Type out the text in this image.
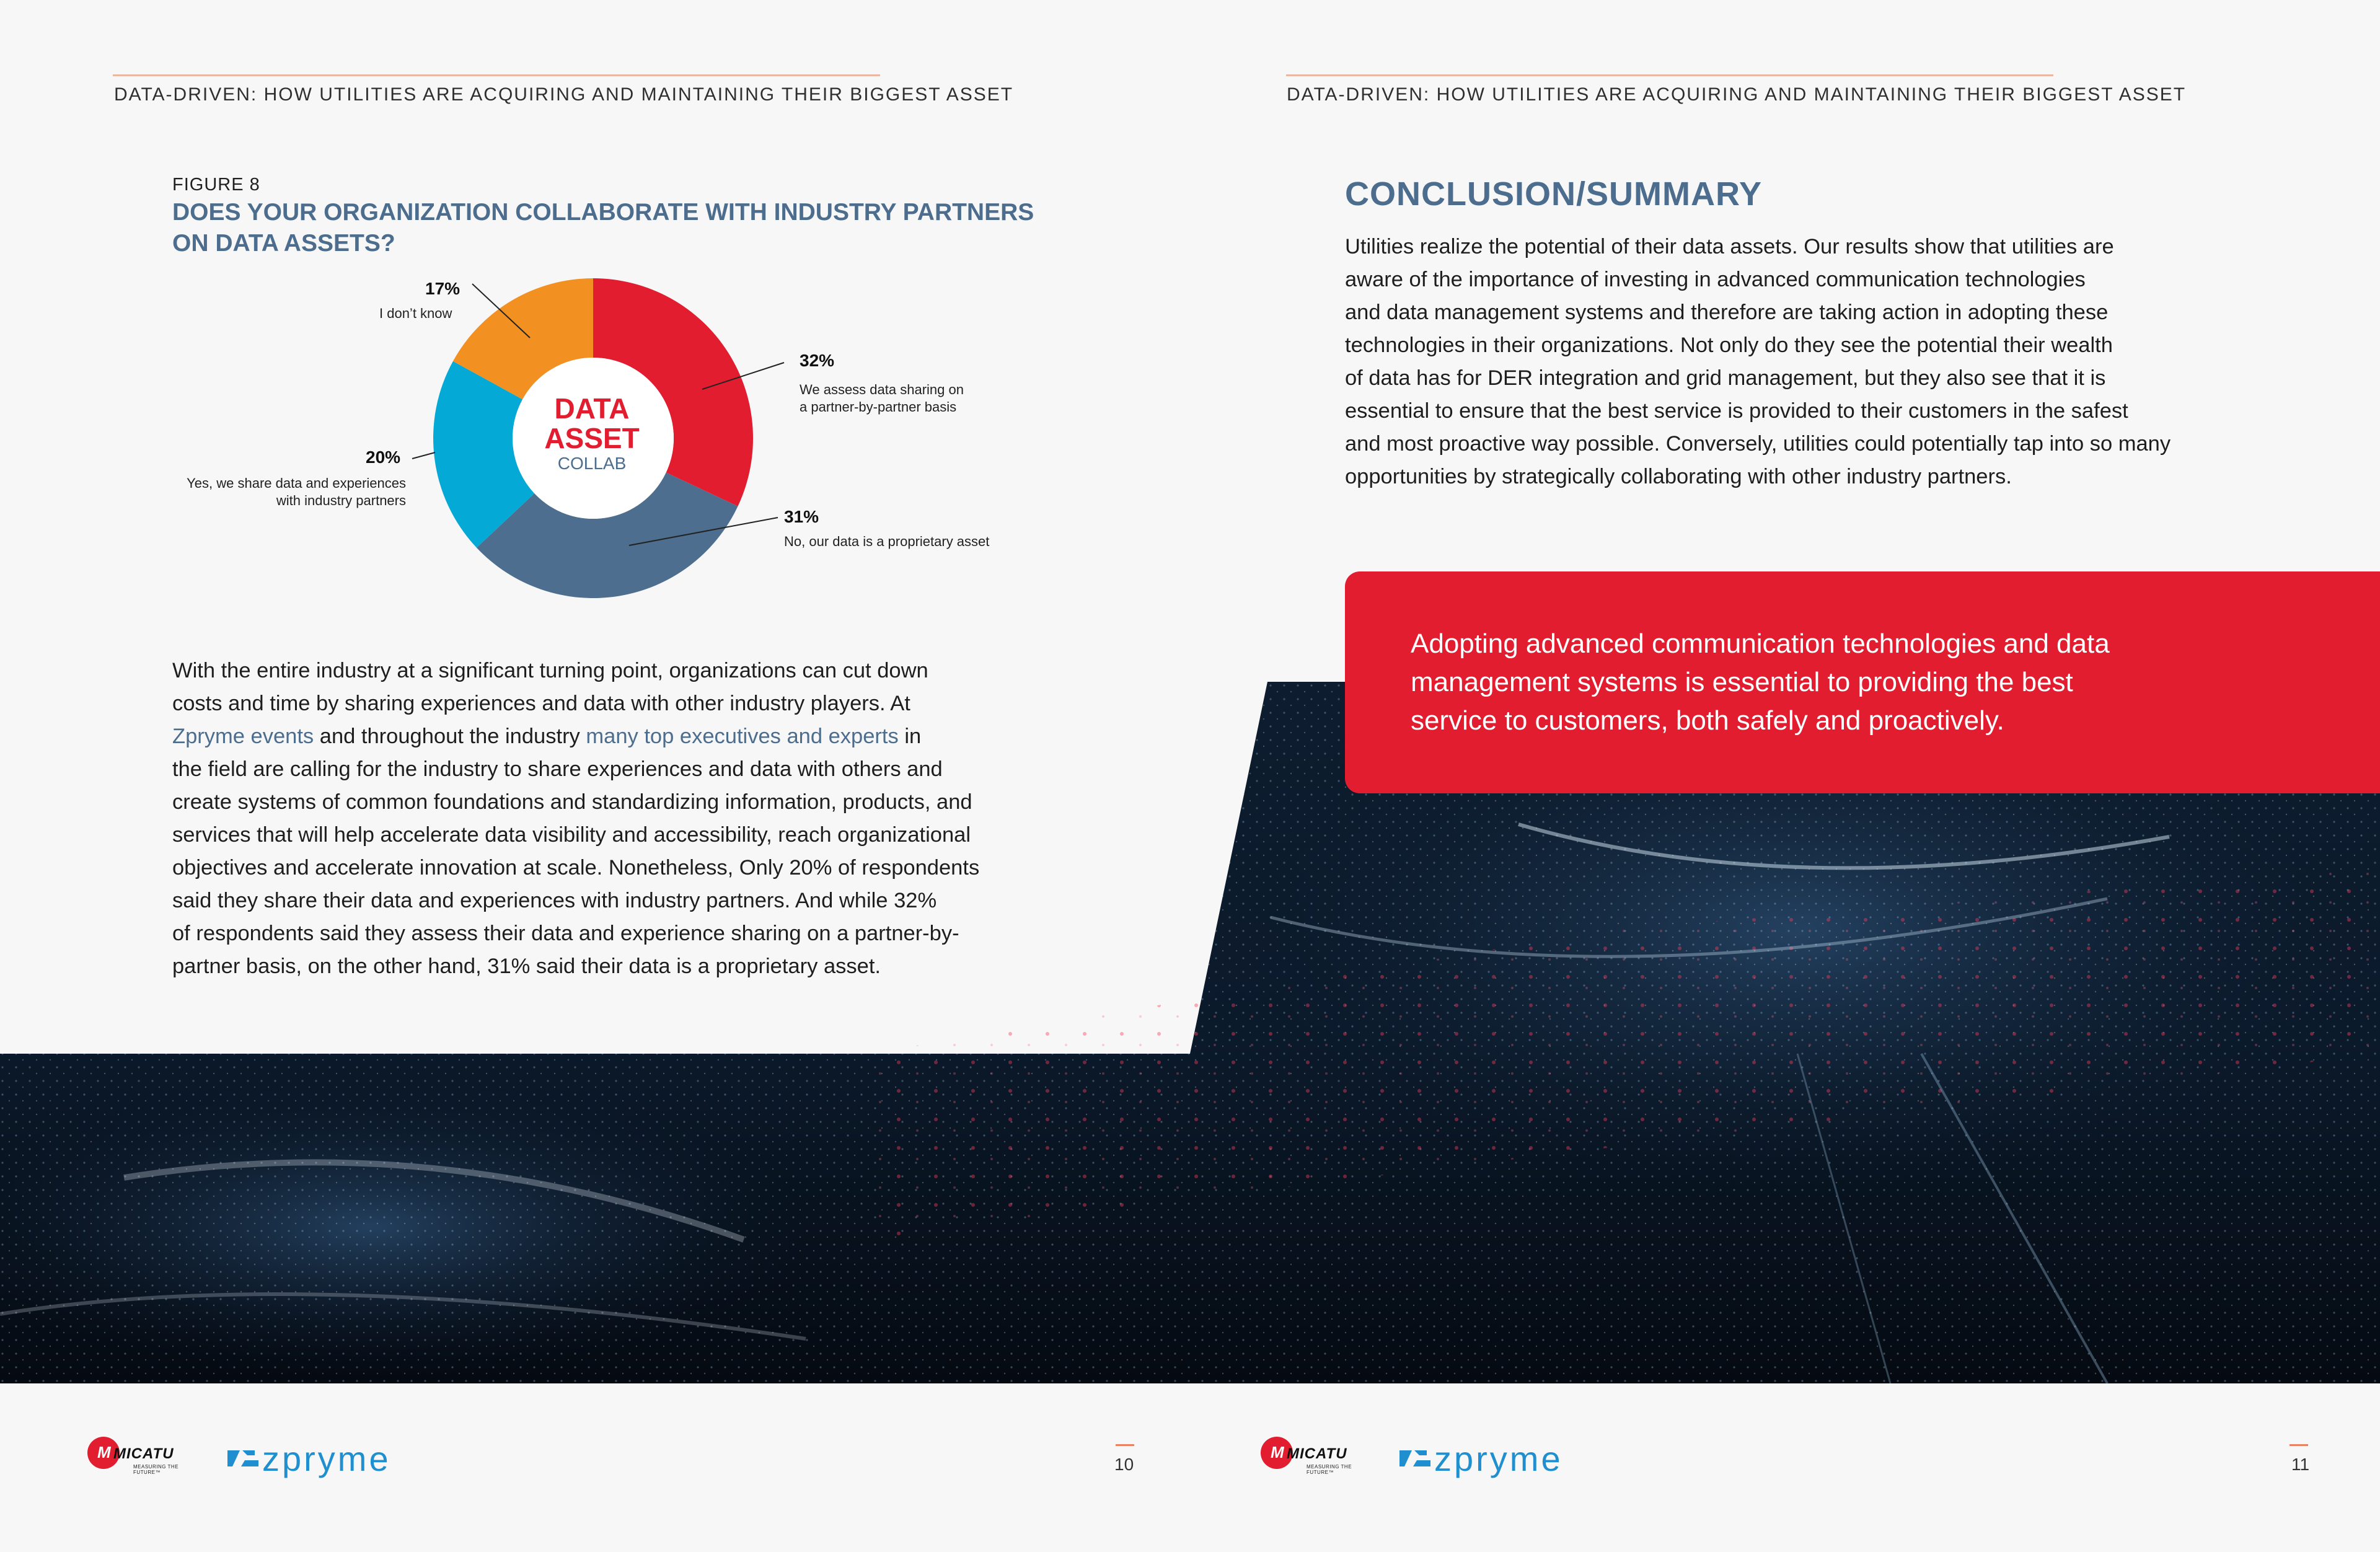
DATA-DRIVEN: HOW UTILITIES ARE ACQUIRING AND MAINTAINING THEIR BIGGEST ASSET	DATA-DRIVEN: HOW UTILITIES ARE ACQUIRING AND MAINTAINING THEIR BIGGEST ASSET
FIGURE 8
DOES YOUR ORGANIZATION COLLABORATE WITH INDUSTRY PARTNERS ON DATA ASSETS?
DATA
ASSET
COLLAB
17%
I don’t know
32%
We assess data sharing on
a partner-by-partner basis
31%
No, our data is a proprietary asset
20%
Yes, we share data and experiences
with industry partners
With the entire industry at a significant turning point, organizations can cut down
costs and time by sharing experiences and data with other industry players. At
Zpryme events and throughout the industry many top executives and experts in
the field are calling for the industry to share experiences and data with others and
create systems of common foundations and standardizing information, products, and
services that will help accelerate data visibility and accessibility, reach organizational
objectives and accelerate innovation at scale. Nonetheless, Only 20% of respondents
said they share their data and experiences with industry partners. And while 32%
of respondents said they assess their data and experience sharing on a partner-by-
partner basis, on the other hand, 31% said their data is a proprietary asset.
CONCLUSION/SUMMARY
Utilities realize the potential of their data assets. Our results show that utilities are
aware of the importance of investing in advanced communication technologies
and data management systems and therefore are taking action in adopting these
technologies in their organizations. Not only do they see the potential their wealth
of data has for DER integration and grid management, but they also see that it is
essential to ensure that the best service is provided to their customers in the safest
and most proactive way possible. Conversely, utilities could potentially tap into so many
opportunities by strategically collaborating with other industry partners.
Adopting advanced communication technologies and data
management systems is essential to providing the best
service to customers, both safely and proactively.
M MICATU
MEASURING THE FUTURE™	zpryme	10
M MICATU
MEASURING THE FUTURE™	zpryme	11
